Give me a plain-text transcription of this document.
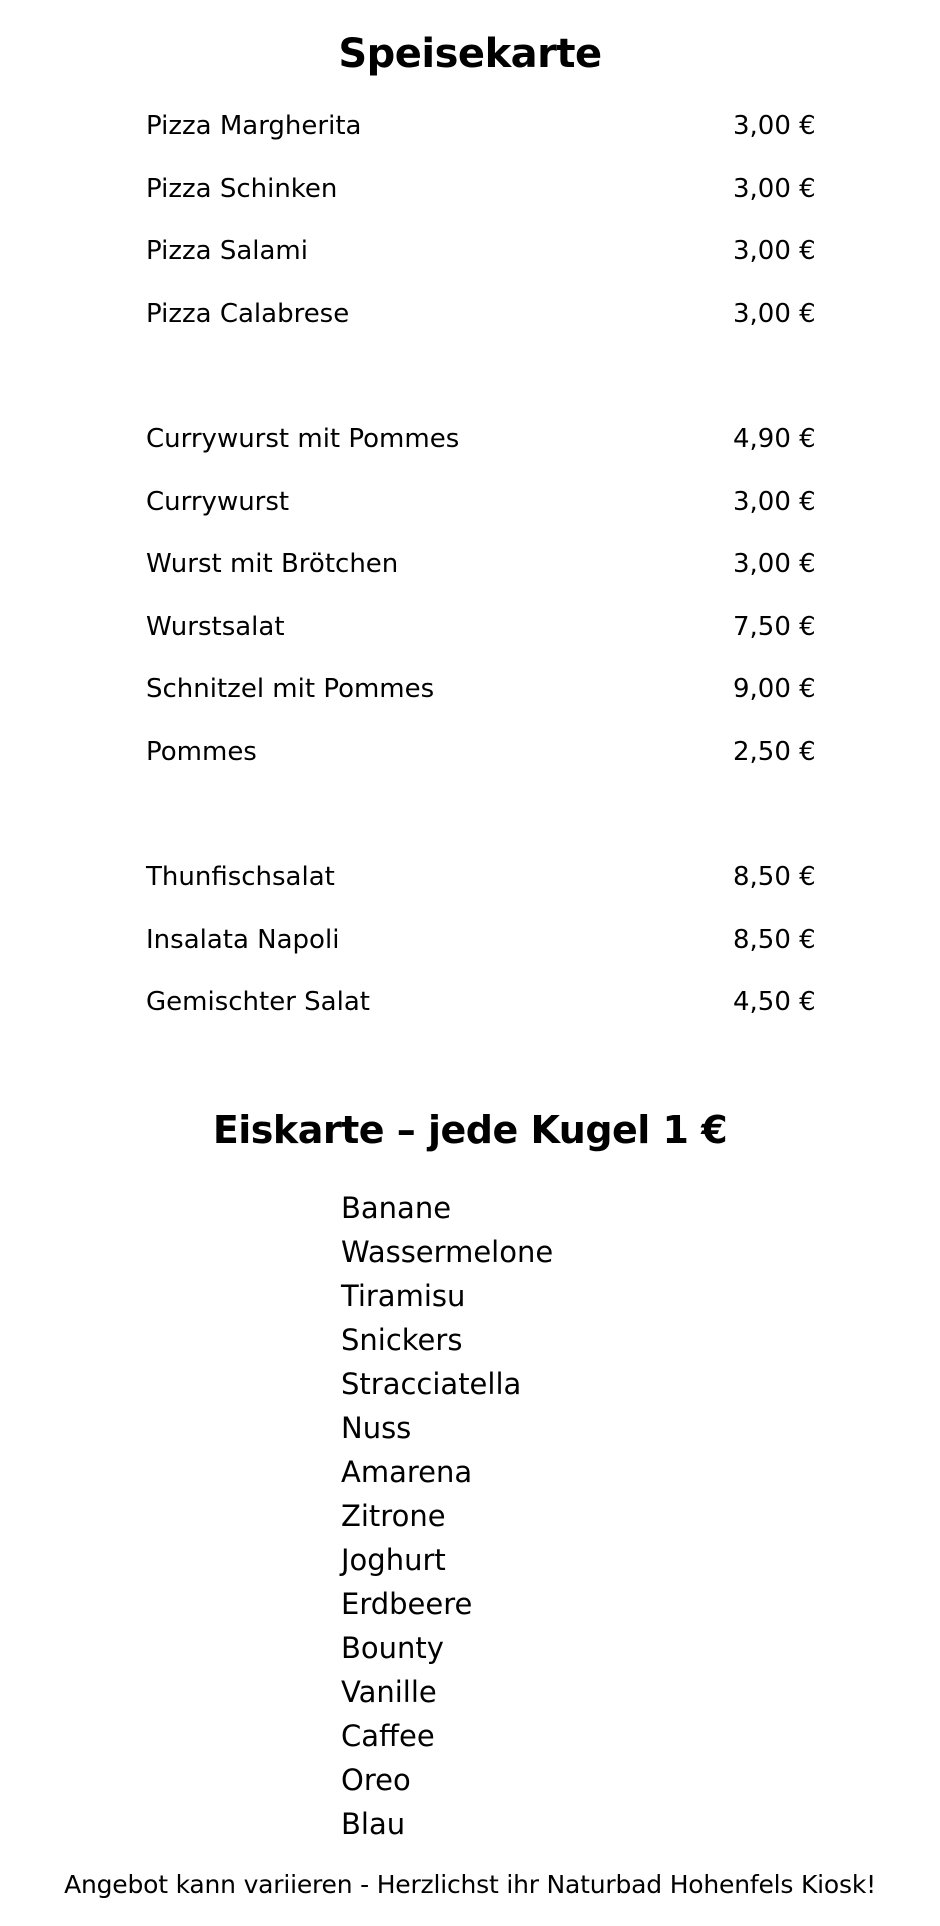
Speisekarte
Pizza Margherita	3,00 €
Pizza Schinken	3,00 €
Pizza Salami	3,00 €
Pizza Calabrese	3,00 €
Currywurst mit Pommes	4,90 €
Currywurst	3,00 €
Wurst mit Brötchen	3,00 €
Wurstsalat	7,50 €
Schnitzel mit Pommes	9,00 €
Pommes	2,50 €
Thunfischsalat	8,50 €
Insalata Napoli	8,50 €
Gemischter Salat	4,50 €
Eiskarte – jede Kugel 1 €
Banane
Wassermelone
Tiramisu
Snickers
Stracciatella
Nuss
Amarena
Zitrone
Joghurt
Erdbeere
Bounty
Vanille
Caffee
Oreo
Blau
Angebot kann variieren - Herzlichst ihr Naturbad Hohenfels Kiosk!
